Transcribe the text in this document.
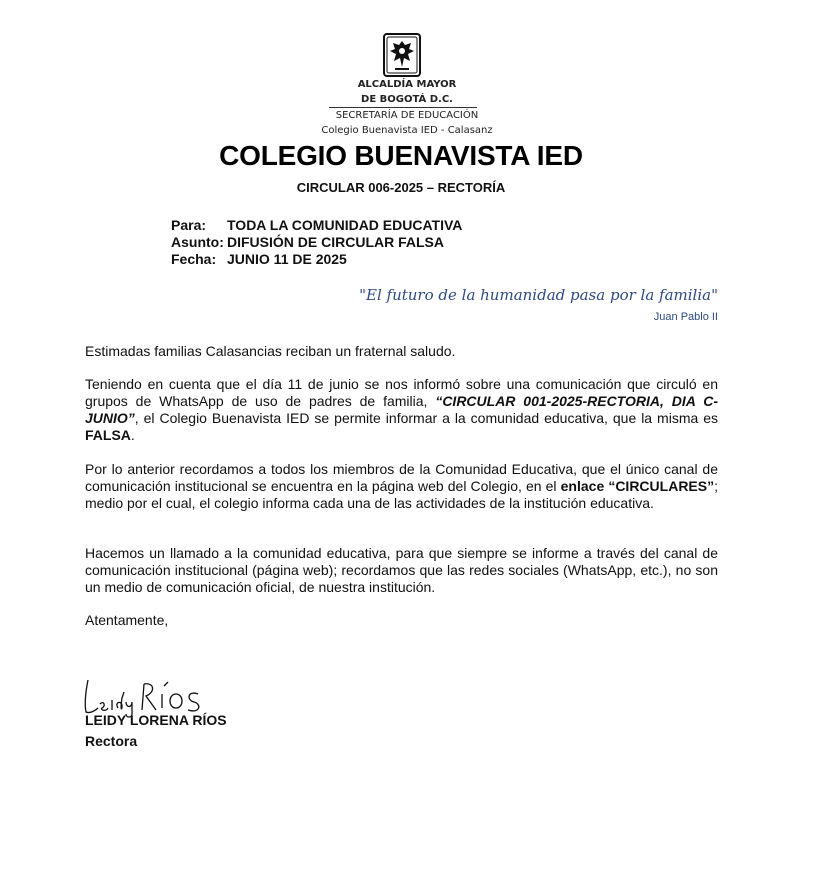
ALCALDÍA MAYOR
DE BOGOTÁ D.C.
SECRETARÍA DE EDUCACIÓN
Colegio Buenavista IED - Calasanz
COLEGIO BUENAVISTA IED
CIRCULAR 006-2025 – RECTORÍA
Para: TODA LA COMUNIDAD EDUCATIVA
Asunto: DIFUSIÓN DE CIRCULAR FALSA
Fecha: JUNIO 11 DE 2025
"El futuro de la humanidad pasa por la familia"
Juan Pablo II
Estimadas familias Calasancias reciban un fraternal saludo.
Teniendo en cuenta que el día 11 de junio se nos informó sobre una comunicación que circuló en grupos de WhatsApp de uso de padres de familia, “CIRCULAR 001-2025-RECTORIA, DIA C-JUNIO”, el Colegio Buenavista IED se permite informar a la comunidad educativa, que la misma es FALSA.
Por lo anterior recordamos a todos los miembros de la Comunidad Educativa, que el único canal de comunicación institucional se encuentra en la página web del Colegio, en el enlace “CIRCULARES”; medio por el cual, el colegio informa cada una de las actividades de la institución educativa.
Hacemos un llamado a la comunidad educativa, para que siempre se informe a través del canal de comunicación institucional (página web); recordamos que las redes sociales (WhatsApp, etc.), no son un medio de comunicación oficial, de nuestra institución.
Atentamente,
LEIDY LORENA RÍOS
Rectora
